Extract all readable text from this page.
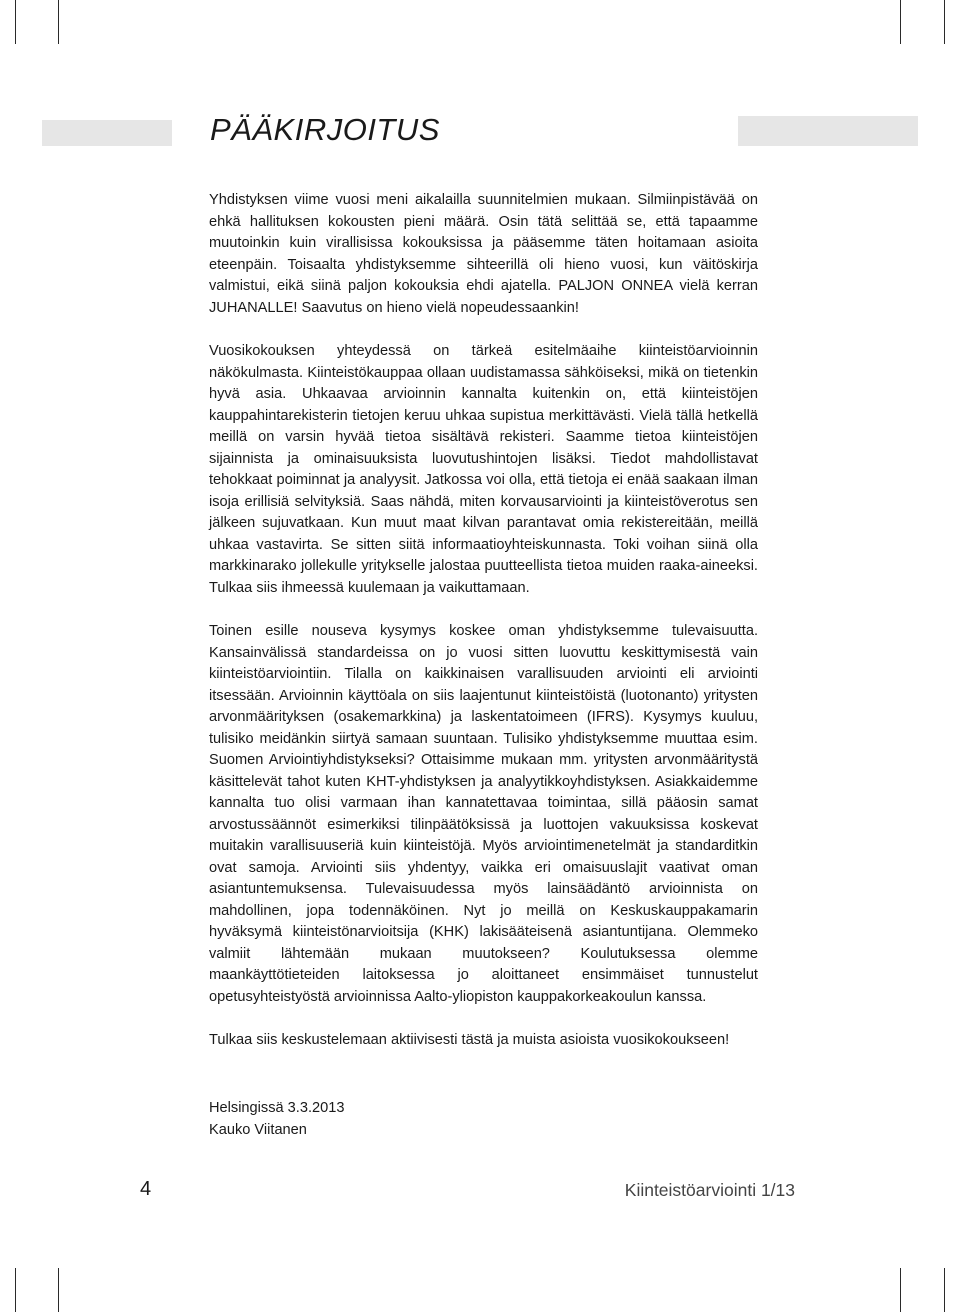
PÄÄKIRJOITUS

Yhdistyksen viime vuosi meni aikalailla suunnitelmien mukaan. Silmiinpistävää on ehkä hallituksen kokousten pieni määrä. Osin tätä selittää se, että tapaamme muutoinkin kuin virallisissa kokouksissa ja pääsemme täten hoitamaan asioita eteenpäin. Toisaalta yhdistyksemme sihteerillä oli hieno vuosi, kun väitöskirja valmistui, eikä siinä paljon kokouksia ehdi ajatella. PALJON ONNEA vielä kerran JUHANALLE! Saavutus on hieno vielä nopeudessaankin!

Vuosikokouksen yhteydessä on tärkeä esitelmäaihe kiinteistöarvioinnin näkökulmasta. Kiinteistökauppaa ollaan uudistamassa sähköiseksi, mikä on tietenkin hyvä asia. Uhkaavaa arvioinnin kannalta kuitenkin on, että kiinteistöjen kauppahintarekisterin tietojen keruu uhkaa supistua merkittävästi. Vielä tällä hetkellä meillä on varsin hyvää tietoa sisältävä rekisteri. Saamme tietoa kiinteistöjen sijainnista ja ominaisuuksista luovutushintojen lisäksi. Tiedot mahdollistavat tehokkaat poiminnat ja analyysit. Jatkossa voi olla, että tietoja ei enää saakaan ilman isoja erillisiä selvityksiä. Saas nähdä, miten korvausarviointi ja kiinteistöverotus sen jälkeen sujuvatkaan. Kun muut maat kilvan parantavat omia rekistereitään, meillä uhkaa vastavirta. Se sitten siitä informaatioyhteiskunnasta. Toki voihan siinä olla markkinarako jollekulle yritykselle jalostaa puutteellista tietoa muiden raaka-aineeksi. Tulkaa siis ihmeessä kuulemaan ja vaikuttamaan.

Toinen esille nouseva kysymys koskee oman yhdistyksemme tulevaisuutta. Kansainvälissä standardeissa on jo vuosi sitten luovuttu keskittymisestä vain kiinteistöarviointiin. Tilalla on kaikkinaisen varallisuuden arviointi eli arviointi itsessään. Arvioinnin käyttöala on siis laajentunut kiinteistöistä (luotonanto) yritysten arvonmäärityksen (osakemarkkina) ja laskentatoimeen (IFRS). Kysymys kuuluu, tulisiko meidänkin siirtyä samaan suuntaan. Tulisiko yhdistyksemme muuttaa esim. Suomen Arviointiyhdistykseksi? Ottaisimme mukaan mm. yritysten arvonmääritystä käsittelevät tahot kuten KHT-yhdistyksen ja analyytikkoyhdistyksen. Asiakkaidemme kannalta tuo olisi varmaan ihan kannatettavaa toimintaa, sillä pääosin samat arvostussäännöt esimerkiksi tilinpäätöksissä ja luottojen vakuuksissa koskevat muitakin varallisuuseriä kuin kiinteistöjä. Myös arviointimenetelmät ja standarditkin ovat samoja. Arviointi siis yhdentyy, vaikka eri omaisuuslajit vaativat oman asiantuntemuksensa. Tulevaisuudessa myös lainsäädäntö arvioinnista on mahdollinen, jopa todennäköinen. Nyt jo meillä on Keskuskauppakamarin hyväksymä kiinteistönarvioitsija (KHK) lakisääteisenä asiantuntijana. Olemmeko valmiit lähtemään mukaan muutokseen? Koulutuksessa olemme maankäyttötieteiden laitoksessa jo aloittaneet ensimmäiset tunnustelut opetusyhteistyöstä arvioinnissa Aalto-yliopiston kauppakorkeakoulun kanssa.

Tulkaa siis keskustelemaan aktiivisesti tästä ja muista asioista vuosikokoukseen!

Helsingissä 3.3.2013
Kauko Viitanen
4	Kiinteistöarviointi 1/13
